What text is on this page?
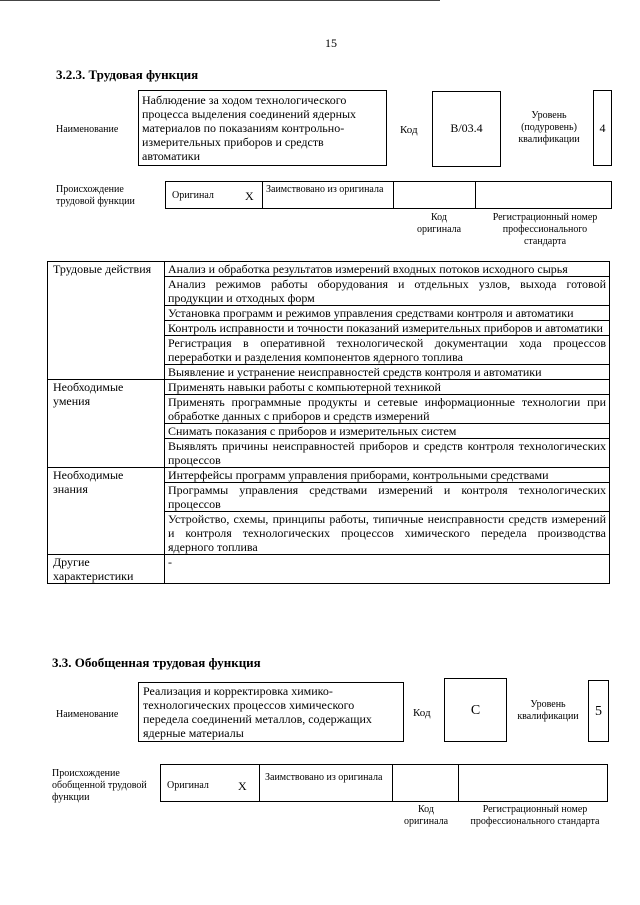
15
3.2.3. Трудовая функция
Наименование
Наблюдение за ходом технологического процесса выделения соединений ядерных материалов по показаниям контрольно-измерительных приборов и средств автоматики
Код	B/03.4
Уровень (подуровень) квалификации
4
Происхождение трудовой функции
Оригинал	X Заимствовано из оригинала
Код оригинала
Регистрационный номер профессионального стандарта
Трудовые действия	Анализ и обработка результатов измерений входных потоков исходного сырья
	Анализ режимов работы оборудования и отдельных узлов, выхода готовой продукции и отходных форм
	Установка программ и режимов управления средствами контроля и автоматики
	Контроль исправности и точности показаний измерительных приборов и автоматики
	Регистрация в оперативной технологической документации хода процессов переработки и разделения компонентов ядерного топлива
	Выявление и устранение неисправностей средств контроля и автоматики
Необходимые умения	Применять навыки работы с компьютерной техникой
	Применять программные продукты и сетевые информационные технологии при обработке данных с приборов и средств измерений
	Снимать показания с приборов и измерительных систем
	Выявлять причины неисправностей приборов и средств контроля технологических процессов
Необходимые знания	Интерфейсы программ управления приборами, контрольными средствами
	Программы управления средствами измерений и контроля технологических процессов
	Устройство, схемы, принципы работы, типичные неисправности средств измерений и контроля технологических процессов химического передела производства ядерного топлива
Другие характеристики	-
3.3. Обобщенная трудовая функция
Наименование
Реализация и корректировка химико-технологических процессов химического передела соединений металлов, содержащих ядерные материалы
Код	C	Уровень квалификации	5
Происхождение обобщенной трудовой функции
Оригинал X
Заимствовано из оригинала
Код оригинала
Регистрационный номер профессионального стандарта
